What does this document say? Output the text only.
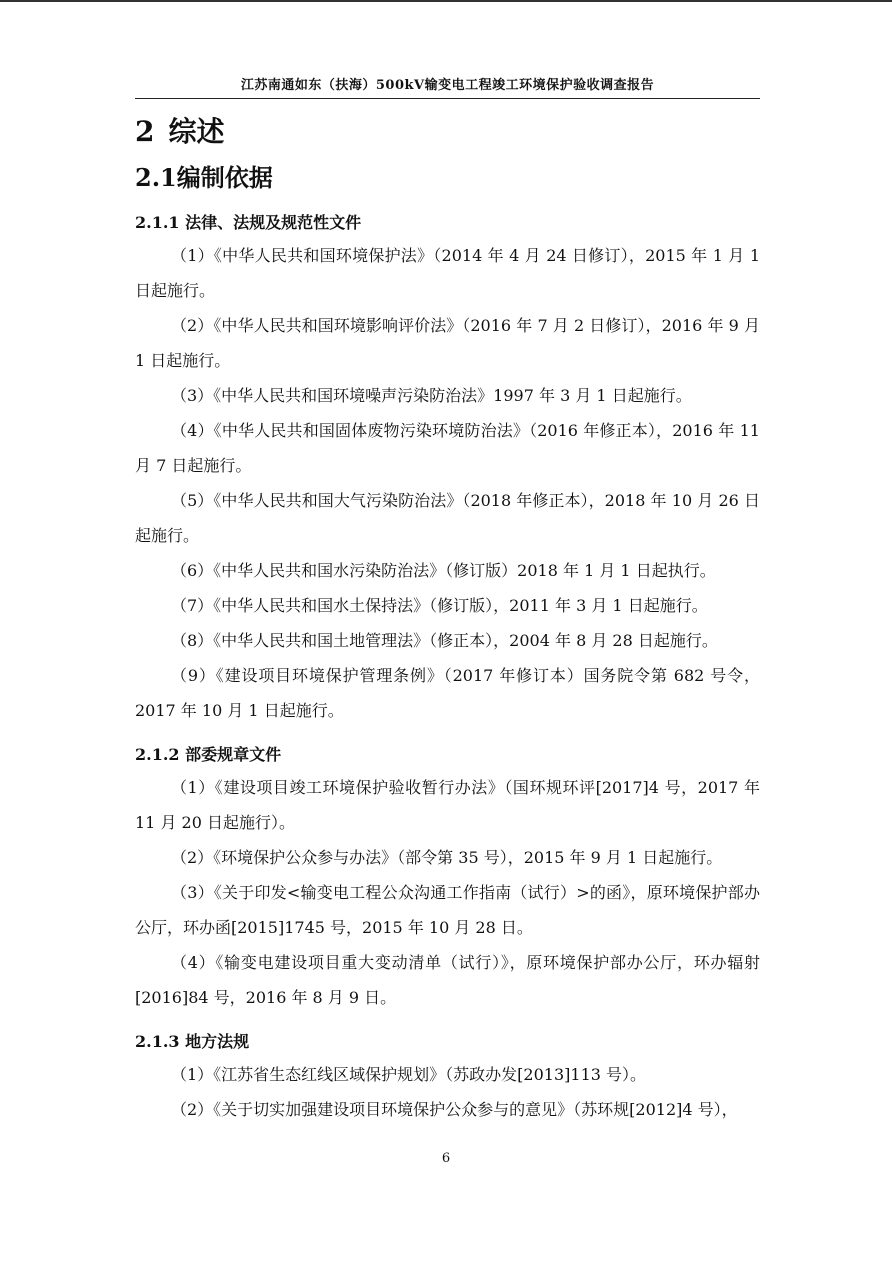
江苏南通如东（扶海）500kV输变电工程竣工环境保护验收调查报告
2 综述
2.1编制依据
2.1.1 法律、法规及规范性文件

（1）《中华人民共和国环境保护法》（2014 年 4 月 24 日修订），2015 年 1 月 1 日起施行。

（2）《中华人民共和国环境影响评价法》（2016 年 7 月 2 日修订），2016 年 9 月 1 日起施行。

（3）《中华人民共和国环境噪声污染防治法》1997 年 3 月 1 日起施行。

（4）《中华人民共和国固体废物污染环境防治法》（2016 年修正本），2016 年 11 月 7 日起施行。

（5）《中华人民共和国大气污染防治法》（2018 年修正本），2018 年 10 月 26 日起施行。

（6）《中华人民共和国水污染防治法》（修订版）2018 年 1 月 1 日起执行。

（7）《中华人民共和国水土保持法》（修订版），2011 年 3 月 1 日起施行。

（8）《中华人民共和国土地管理法》（修正本），2004 年 8 月 28 日起施行。

（9）《建设项目环境保护管理条例》（2017 年修订本）国务院令第 682 号令，2017 年 10 月 1 日起施行。

2.1.2 部委规章文件

（1）《建设项目竣工环境保护验收暂行办法》（国环规环评[2017]4 号，2017 年 11 月 20 日起施行）。

（2）《环境保护公众参与办法》（部令第 35 号），2015 年 9 月 1 日起施行。

（3）《关于印发<输变电工程公众沟通工作指南（试行）>的函》，原环境保护部办公厅，环办函[2015]1745 号，2015 年 10 月 28 日。

（4）《输变电建设项目重大变动清单（试行）》，原环境保护部办公厅，环办辐射[2016]84 号，2016 年 8 月 9 日。

2.1.3 地方法规

（1）《江苏省生态红线区域保护规划》（苏政办发[2013]113 号）。

（2）《关于切实加强建设项目环境保护公众参与的意见》（苏环规[2012]4 号），

6
